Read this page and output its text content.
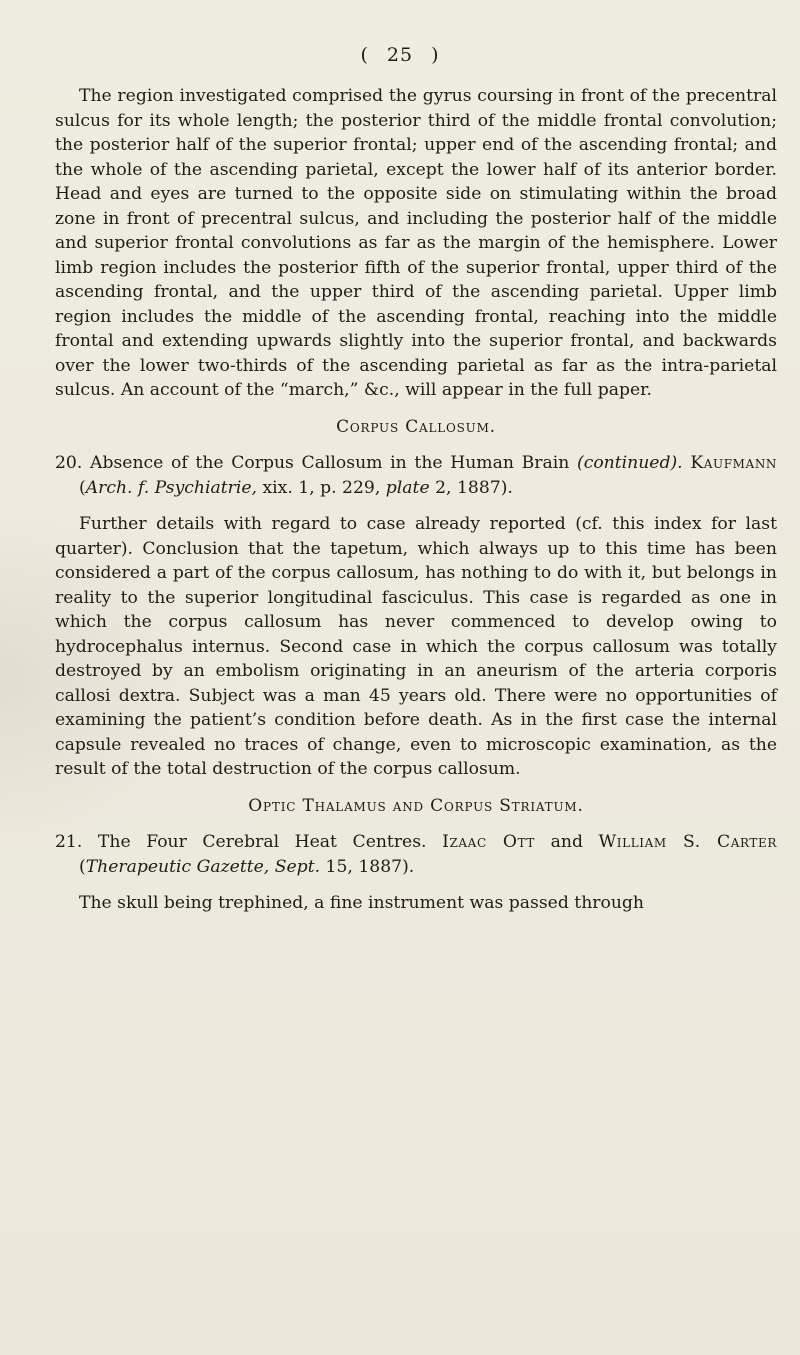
( 25 )

The region investigated comprised the gyrus coursing in front of the precentral sulcus for its whole length; the posterior third of the middle frontal convolution; the posterior half of the superior frontal; upper end of the ascending frontal; and the whole of the ascending parietal, except the lower half of its anterior border. Head and eyes are turned to the opposite side on stimulating within the broad zone in front of precentral sulcus, and including the posterior half of the middle and superior frontal convolutions as far as the margin of the hemisphere. Lower limb region includes the posterior fifth of the superior frontal, upper third of the ascending frontal, and the upper third of the ascending parietal. Upper limb region includes the middle of the ascending frontal, reaching into the middle frontal and extending upwards slightly into the superior frontal, and backwards over the lower two-thirds of the ascending parietal as far as the intra-parietal sulcus. An account of the “march,” &c., will appear in the full paper.

Corpus Callosum.

20. Absence of the Corpus Callosum in the Human Brain (continued). Kaufmann (Arch. f. Psychiatrie, xix. 1, p. 229, plate 2, 1887).

Further details with regard to case already reported (cf. this index for last quarter). Conclusion that the tapetum, which always up to this time has been considered a part of the corpus callosum, has nothing to do with it, but belongs in reality to the superior longitudinal fasciculus. This case is regarded as one in which the corpus callosum has never commenced to develop owing to hydrocephalus internus. Second case in which the corpus callosum was totally destroyed by an embolism originating in an aneurism of the arteria corporis callosi dextra. Subject was a man 45 years old. There were no opportunities of examining the patient’s condition before death. As in the first case the internal capsule revealed no traces of change, even to microscopic examination, as the result of the total destruction of the corpus callosum.

Optic Thalamus and Corpus Striatum.

21. The Four Cerebral Heat Centres. Izaac Ott and William S. Carter (Therapeutic Gazette, Sept. 15, 1887).

The skull being trephined, a fine instrument was passed through
